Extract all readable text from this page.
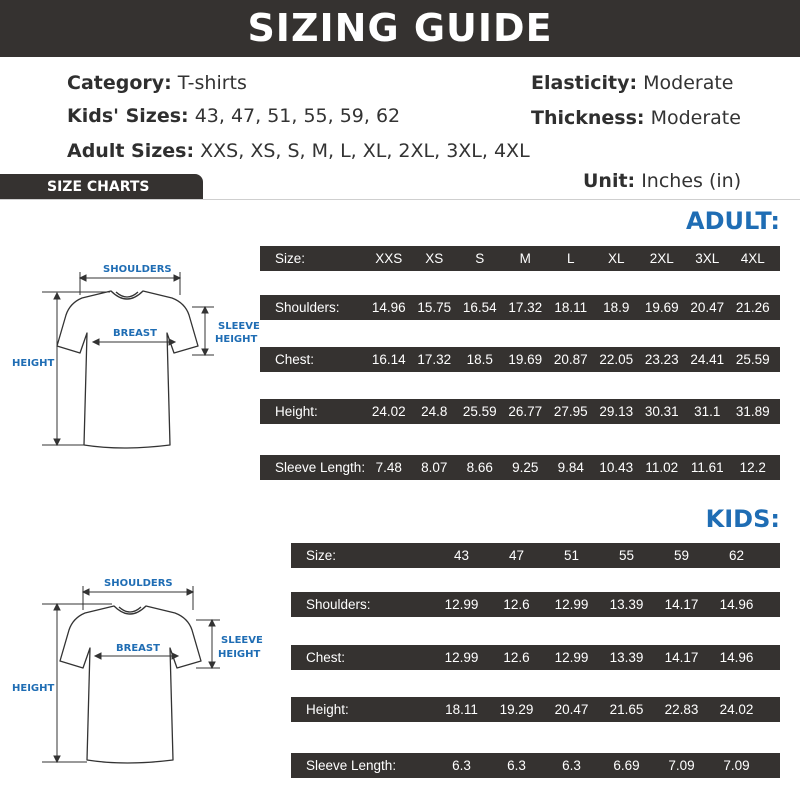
SIZING GUIDE
Category: T-shirts
Kids' Sizes: 43, 47, 51, 55, 59, 62
Adult Sizes: XXS, XS, S, M, L, XL, 2XL, 3XL, 4XL
Elasticity: Moderate
Thickness: Moderate
Unit: Inches (in)
SIZE CHARTS
ADULT:
KIDS:
Size:	XXS	XS	S	M	L	XL	2XL	3XL	4XL
Shoulders:	14.96 15.75 16.54 17.32 18.11	18.9	19.69 20.47 21.26
Chest:	16.14 17.32	18.5	19.69 20.87 22.05 23.23 24.41 25.59
Height:	24.02	24.8	25.59 26.77 27.95 29.13 30.31	31.1	31.89
Sleeve Length: 7.48	8.07	8.66	9.25	9.84	10.43 11.02 11.61	12.2
Size:	43	47	51	55	59	62
Shoulders:	12.99	12.6	12.99	13.39	14.17	14.96
Chest:	12.99	12.6	12.99	13.39	14.17	14.96
Height:	18.11	19.29	20.47	21.65	22.83	24.02
Sleeve Length:	6.3	6.3	6.3	6.69	7.09	7.09
SHOULDERS
BREAST
SLEEVE
HEIGHT
HEIGHT
SHOULDERS
BREAST
SLEEVE
HEIGHT
HEIGHT
